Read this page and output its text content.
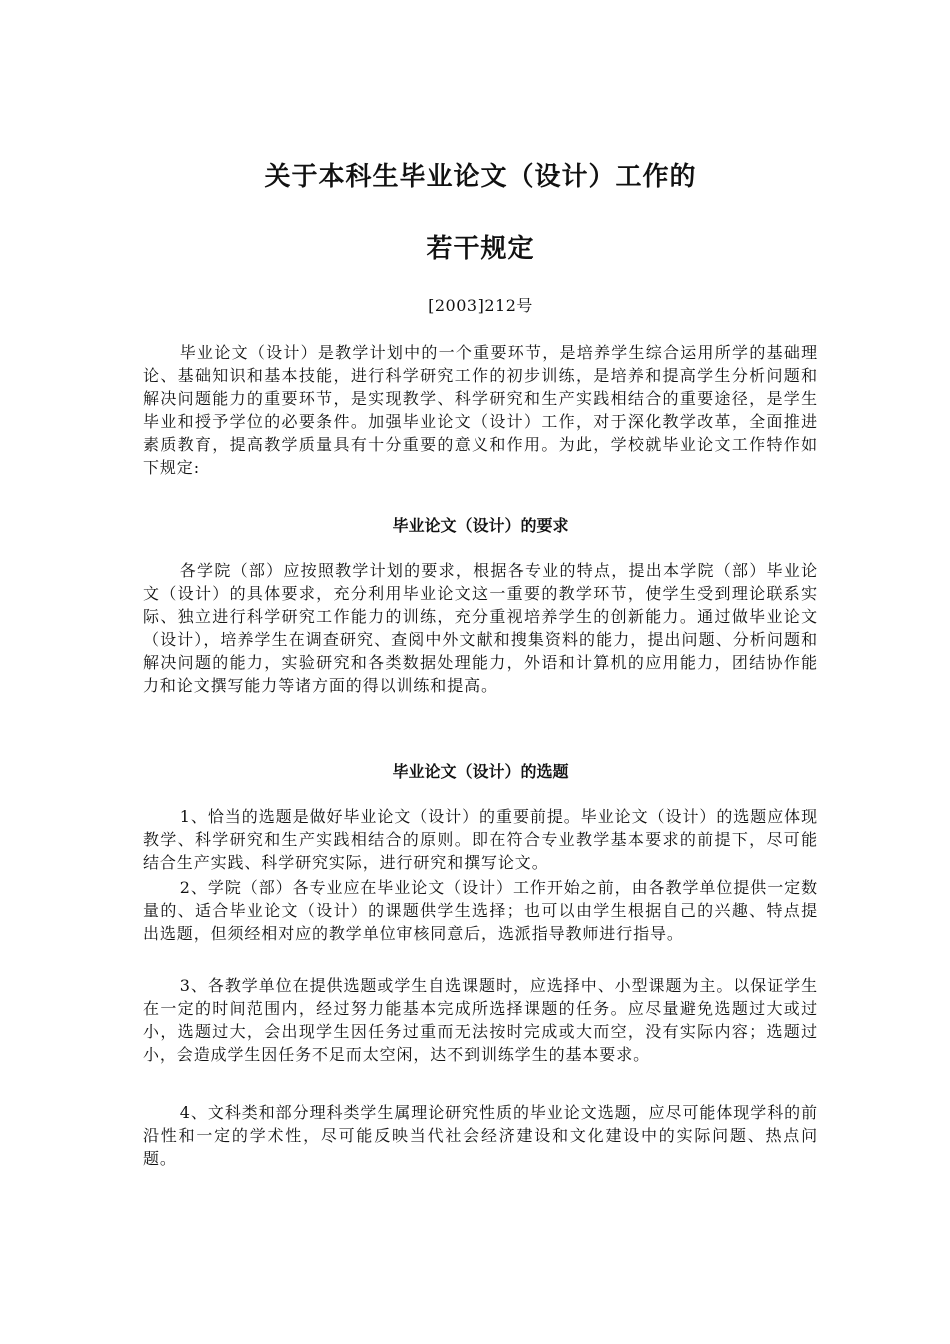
关于本科生毕业论文（设计）工作的
若干规定
[2003]212号

毕业论文（设计）是教学计划中的一个重要环节，是培养学生综合运用所学的基础理论、基础知识和基本技能，进行科学研究工作的初步训练，是培养和提高学生分析问题和解决问题能力的重要环节，是实现教学、科学研究和生产实践相结合的重要途径，是学生毕业和授予学位的必要条件。加强毕业论文（设计）工作，对于深化教学改革，全面推进素质教育，提高教学质量具有十分重要的意义和作用。为此，学校就毕业论文工作特作如下规定:

毕业论文（设计）的要求

各学院（部）应按照教学计划的要求，根据各专业的特点，提出本学院（部）毕业论文（设计）的具体要求，充分利用毕业论文这一重要的教学环节，使学生受到理论联系实际、独立进行科学研究工作能力的训练，充分重视培养学生的创新能力。通过做毕业论文（设计），培养学生在调查研究、查阅中外文献和搜集资料的能力，提出问题、分析问题和解决问题的能力，实验研究和各类数据处理能力，外语和计算机的应用能力，团结协作能力和论文撰写能力等诸方面的得以训练和提高。

毕业论文（设计）的选题

1、恰当的选题是做好毕业论文（设计）的重要前提。毕业论文（设计）的选题应体现教学、科学研究和生产实践相结合的原则。即在符合专业教学基本要求的前提下，尽可能结合生产实践、科学研究实际，进行研究和撰写论文。

2、学院（部）各专业应在毕业论文（设计）工作开始之前，由各教学单位提供一定数量的、适合毕业论文（设计）的课题供学生选择；也可以由学生根据自己的兴趣、特点提出选题，但须经相对应的教学单位审核同意后，选派指导教师进行指导。

3、各教学单位在提供选题或学生自选课题时，应选择中、小型课题为主。以保证学生在一定的时间范围内，经过努力能基本完成所选择课题的任务。应尽量避免选题过大或过小，选题过大，会出现学生因任务过重而无法按时完成或大而空，没有实际内容；选题过小，会造成学生因任务不足而太空闲，达不到训练学生的基本要求。

4、文科类和部分理科类学生属理论研究性质的毕业论文选题，应尽可能体现学科的前沿性和一定的学术性，尽可能反映当代社会经济建设和文化建设中的实际问题、热点问题。
